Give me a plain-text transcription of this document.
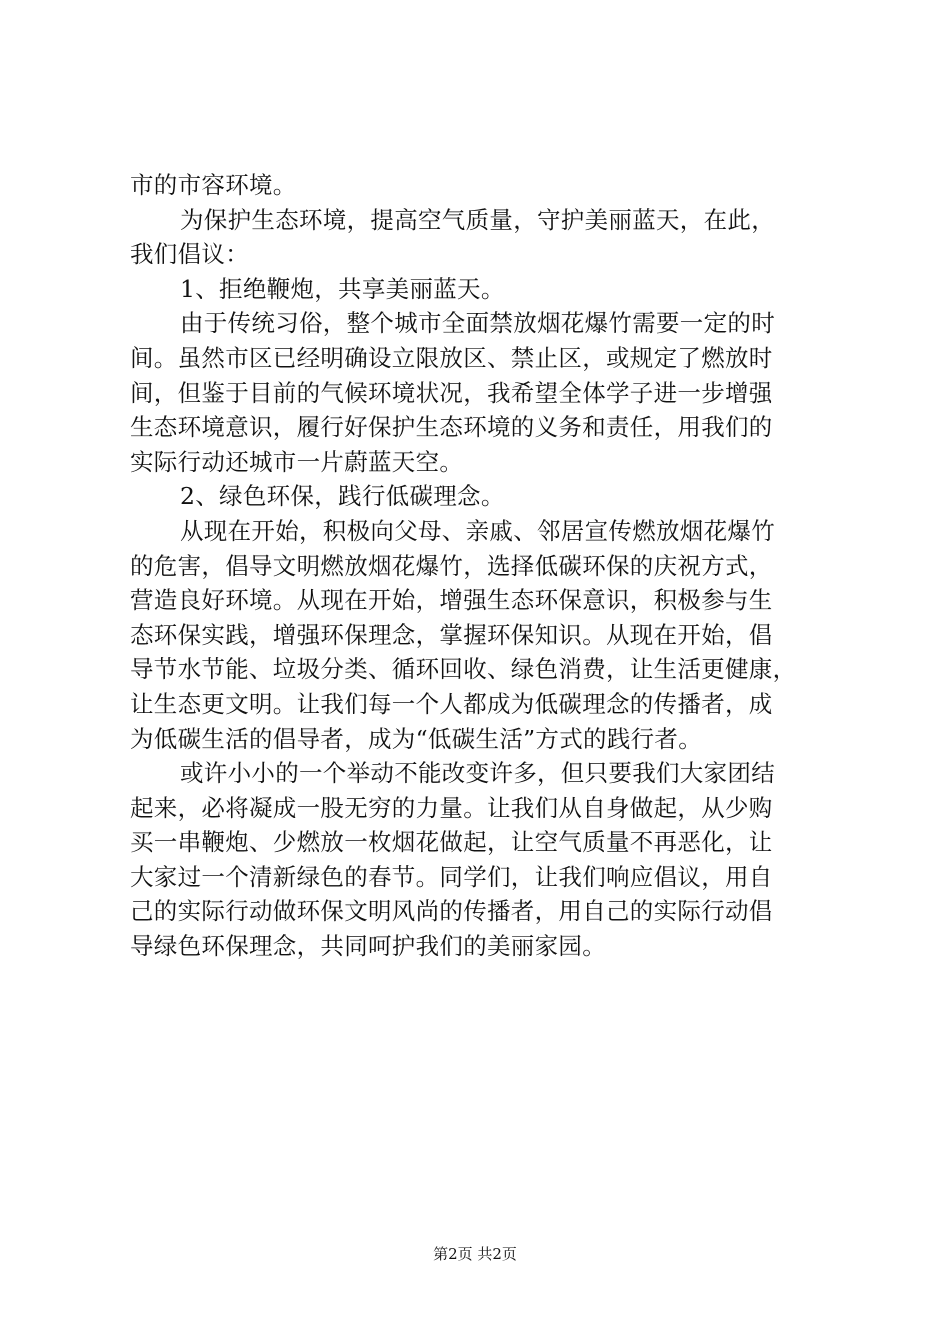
市的市容环境。
为保护生态环境，提高空气质量，守护美丽蓝天，在此，
我们倡议：
1、拒绝鞭炮，共享美丽蓝天。
由于传统习俗，整个城市全面禁放烟花爆竹需要一定的时
间。虽然市区已经明确设立限放区、禁止区，或规定了燃放时
间，但鉴于目前的气候环境状况，我希望全体学子进一步增强
生态环境意识，履行好保护生态环境的义务和责任，用我们的
实际行动还城市一片蔚蓝天空。
2、绿色环保，践行低碳理念。
从现在开始，积极向父母、亲戚、邻居宣传燃放烟花爆竹
的危害，倡导文明燃放烟花爆竹，选择低碳环保的庆祝方式，
营造良好环境。从现在开始，增强生态环保意识，积极参与生
态环保实践，增强环保理念，掌握环保知识。从现在开始，倡
导节水节能、垃圾分类、循环回收、绿色消费，让生活更健康，
让生态更文明。让我们每一个人都成为低碳理念的传播者，成
为低碳生活的倡导者，成为“低碳生活”方式的践行者。
或许小小的一个举动不能改变许多，但只要我们大家团结
起来，必将凝成一股无穷的力量。让我们从自身做起，从少购
买一串鞭炮、少燃放一枚烟花做起，让空气质量不再恶化，让
大家过一个清新绿色的春节。同学们，让我们响应倡议，用自
己的实际行动做环保文明风尚的传播者，用自己的实际行动倡
导绿色环保理念，共同呵护我们的美丽家园。
第2页 共2页
